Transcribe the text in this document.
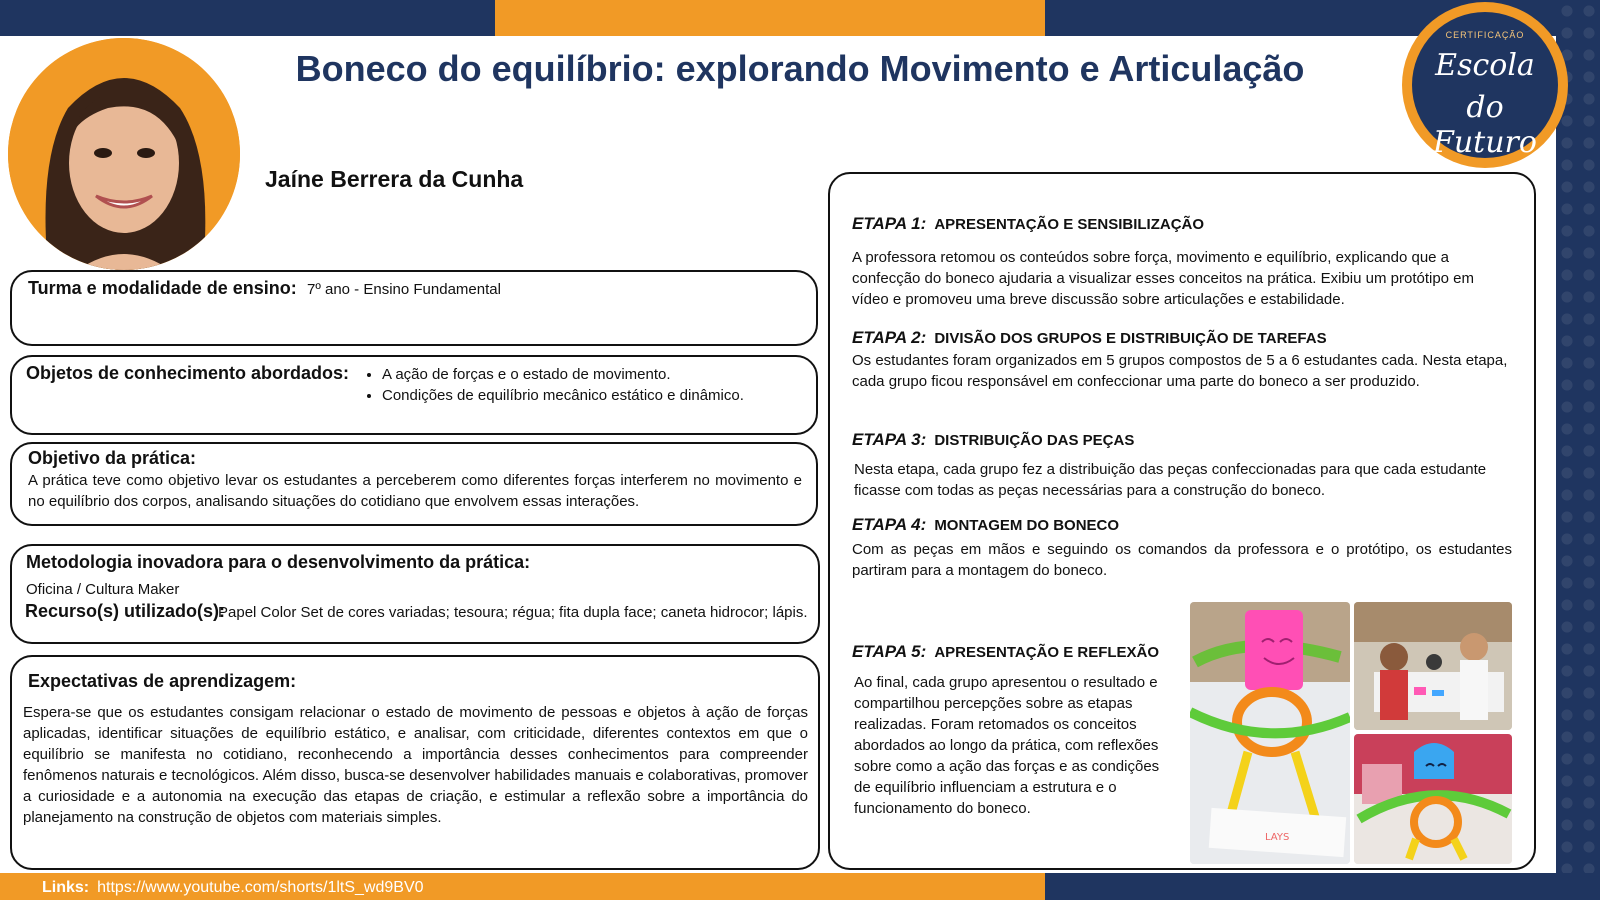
Boneco do equilíbrio: explorando Movimento e Articulação
Jaíne Berrera da Cunha
CERTIFICAÇÃO
Escola
do Futuro
Turma e modalidade de ensino: 7º ano - Ensino Fundamental
Objetos de conhecimento abordados:
• A ação de forças e o estado de movimento.
• Condições de equilíbrio mecânico estático e dinâmico.
Objetivo da prática:
A prática teve como objetivo levar os estudantes a perceberem como diferentes forças interferem no movimento e no equilíbrio dos corpos, analisando situações do cotidiano que envolvem essas interações.
Metodologia inovadora para o desenvolvimento da prática:
Oficina / Cultura Maker
Recurso(s) utilizado(s):
Papel Color Set de cores variadas; tesoura; régua; fita dupla face; caneta hidrocor; lápis.
Expectativas de aprendizagem:
Espera-se que os estudantes consigam relacionar o estado de movimento de pessoas e objetos à ação de forças aplicadas, identificar situações de equilíbrio estático, e analisar, com criticidade, diferentes contextos em que o equilíbrio se manifesta no cotidiano, reconhecendo a importância desses conhecimentos para compreender fenômenos naturais e tecnológicos. Além disso, busca-se desenvolver habilidades manuais e colaborativas, promover a curiosidade e a autonomia na execução das etapas de criação, e estimular a reflexão sobre a importância do planejamento na construção de objetos com materiais simples.
ETAPA 1: APRESENTAÇÃO E SENSIBILIZAÇÃO
A professora retomou os conteúdos sobre força, movimento e equilíbrio, explicando que a confecção do boneco ajudaria a visualizar esses conceitos na prática. Exibiu um protótipo em vídeo e promoveu uma breve discussão sobre articulações e estabilidade.
ETAPA 2: DIVISÃO DOS GRUPOS E DISTRIBUIÇÃO DE TAREFAS
Os estudantes foram organizados em 5 grupos compostos de 5 a 6 estudantes cada. Nesta etapa, cada grupo ficou responsável em confeccionar uma parte do boneco a ser produzido.
ETAPA 3: DISTRIBUIÇÃO DAS PEÇAS
Nesta etapa, cada grupo fez a distribuição das peças confeccionadas para que cada estudante ficasse com todas as peças necessárias para a construção do boneco.
ETAPA 4: MONTAGEM DO BONECO
Com as peças em mãos e seguindo os comandos da professora e o protótipo, os estudantes partiram para a montagem do boneco.
ETAPA 5: APRESENTAÇÃO E REFLEXÃO
Ao final, cada grupo apresentou o resultado e compartilhou percepções sobre as etapas realizadas. Foram retomados os conceitos abordados ao longo da prática, com reflexões sobre como a ação das forças e as condições de equilíbrio influenciam a estrutura e o funcionamento do boneco.
LAYS
Links: https://www.youtube.com/shorts/1ltS_wd9BV0
